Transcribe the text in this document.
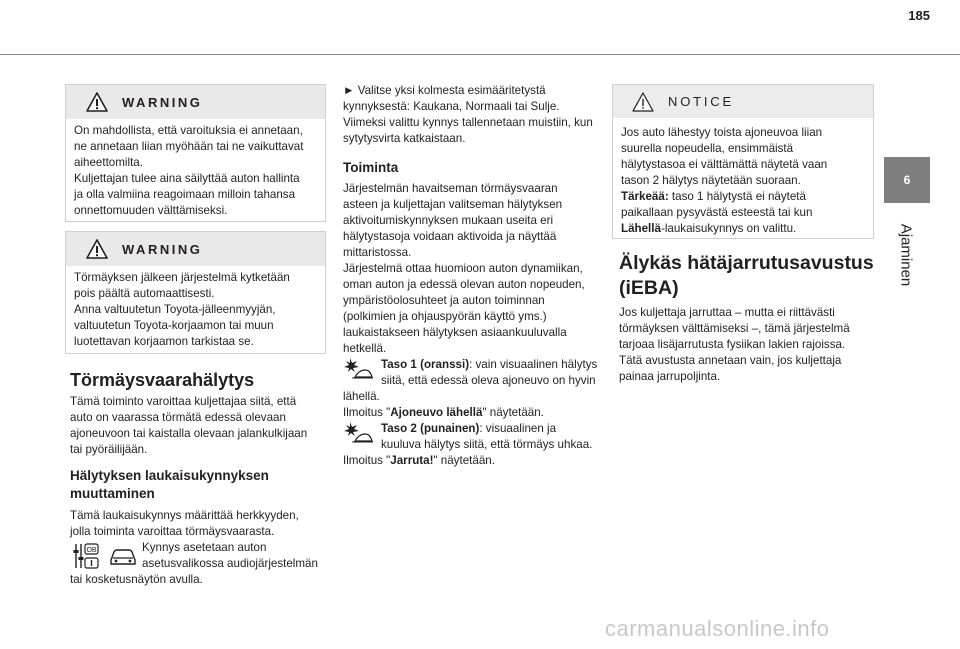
185
6
Ajaminen
WARNING

On mahdollista, että varoituksia ei annetaan,

ne annetaan liian myöhään tai ne vaikuttavat

aiheettomilta.

Kuljettajan tulee aina säilyttää auton hallinta

ja olla valmiina reagoimaan milloin tahansa

onnettomuuden välttämiseksi.

WARNING

Törmäyksen jälkeen järjestelmä kytketään

pois päältä automaattisesti.

Anna valtuutetun Toyota-jälleenmyyjän,

valtuutetun Toyota-korjaamon tai muun

luotettavan korjaamon tarkistaa se.

Törmäysvaarahälytys

Tämä toiminto varoittaa kuljettajaa siitä, että

auto on vaarassa törmätä edessä olevaan

ajoneuvoon tai kaistalla olevaan jalankulkijaan

tai pyöräilijään.

Hälytyksen laukaisukynnyksen
muuttaminen

Tämä laukaisukynnys määrittää herkkyyden,

jolla toiminta varoittaa törmäysvaarasta.

OB	Kynnys asetetaan auton

asetusvalikossa audiojärjestelmän

tai kosketusnäytön avulla.

► Valitse yksi kolmesta esimääritetystä

kynnyksestä: Kaukana, Normaali tai Sulje.

Viimeksi valittu kynnys tallennetaan muistiin, kun

sytytysvirta katkaistaan.

Toiminta

Järjestelmän havaitseman törmäysvaaran

asteen ja kuljettajan valitseman hälytyksen

aktivoitumiskynnyksen mukaan useita eri

hälytystasoja voidaan aktivoida ja näyttää

mittaristossa.

Järjestelmä ottaa huomioon auton dynamiikan,

oman auton ja edessä olevan auton nopeuden,

ympäristöolosuhteet ja auton toiminnan

(polkimien ja ohjauspyörän käyttö yms.)

laukaistakseen hälytyksen asiaankuuluvalla

hetkellä.

Taso 1 (oranssi): vain visuaalinen hälytys

siitä, että edessä oleva ajoneuvo on hyvin

lähellä.

Ilmoitus "Ajoneuvo lähellä" näytetään.

Taso 2 (punainen): visuaalinen ja

kuuluva hälytys siitä, että törmäys uhkaa.

Ilmoitus "Jarruta!" näytetään.

NOTICE

Jos auto lähestyy toista ajoneuvoa liian

suurella nopeudella, ensimmäistä

hälytystasoa ei välttämättä näytetä vaan

tason 2 hälytys näytetään suoraan.

Tärkeää: taso 1 hälytystä ei näytetä

paikallaan pysyvästä esteestä tai kun

Lähellä-laukaisukynnys on valittu.

Älykäs hätäjarrutusavustus
(iEBA)

Jos kuljettaja jarruttaa – mutta ei riittävästi

törmäyksen välttämiseksi –, tämä järjestelmä

tarjoaa lisäjarrutusta fysiikan lakien rajoissa.

Tätä avustusta annetaan vain, jos kuljettaja

painaa jarrupoljinta.

carmanualsonline.info
